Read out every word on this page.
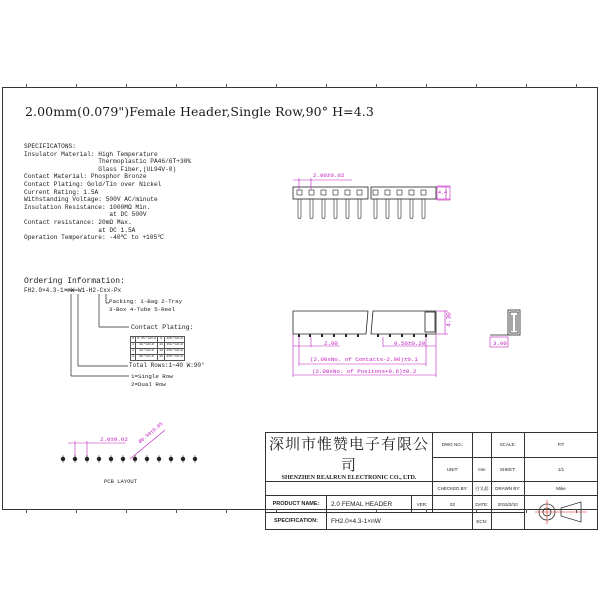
2.00mm(0.079")Female Header,Single Row,90° H=4.3
SPECIFICATONS:
Insulator Material: High Temperature
Thermoplastic PA46/6T+30%
Glass Fiber,(UL94V-0)
Contact Material: Phosphor Bronze
Contact Plating: Gold/Tin over Nickel
Current Rating: 1.5A
Withstanding Voltage: 500V AC/minute
Insulation Resistance: 1000MΩ Min.
at DC 500V
Contact resistance: 20mΩ Max.
at DC 1.5A
Operation Temperature: -40℃ to +105℃
Ordering Information:
FH2.0×4.3-1×nW-W1-H2-Cxx-Px
Packing: 1-Bag 2-Tray
3-Box 4-Tube 5-Reel
Contact Plating:
0	0.05"Gold	S	30u"Gold
1	1u"Gold	1S	15u"Gold
2	3u"Gold	1G	10u"Gold
3	6u"Gold	3G	30u"Gold
Total Rows:1~40 W:90°
1=Single Row
2=Dual Row
2.00±0.02
4.4
4.30
2.00	0.50±0.20
(2.00xNo. of Contacts-2.00)±0.1
(2.00xNo. of Positons+0.6)±0.2
3.00
2.0±0.02 Ø0.90±0.05
PCB LAYOUT
深圳市惟赞电子有限公司
SHENZHEN REALRUN ELECTRONIC CO., LTD.			DWG NO.:		SCALE:	FIT
			UNIT:	mm	SHEET:	1/1
			CHECKED BY:	白文晶	DRAWN BY:	Mike
PRODUCT NAME:	2.0 FEMAL HEADER	VER:	02	DATE:	2015/3/10	
SPECIFICATION:	FH2.0×4.3-1×nW			ECN:		
